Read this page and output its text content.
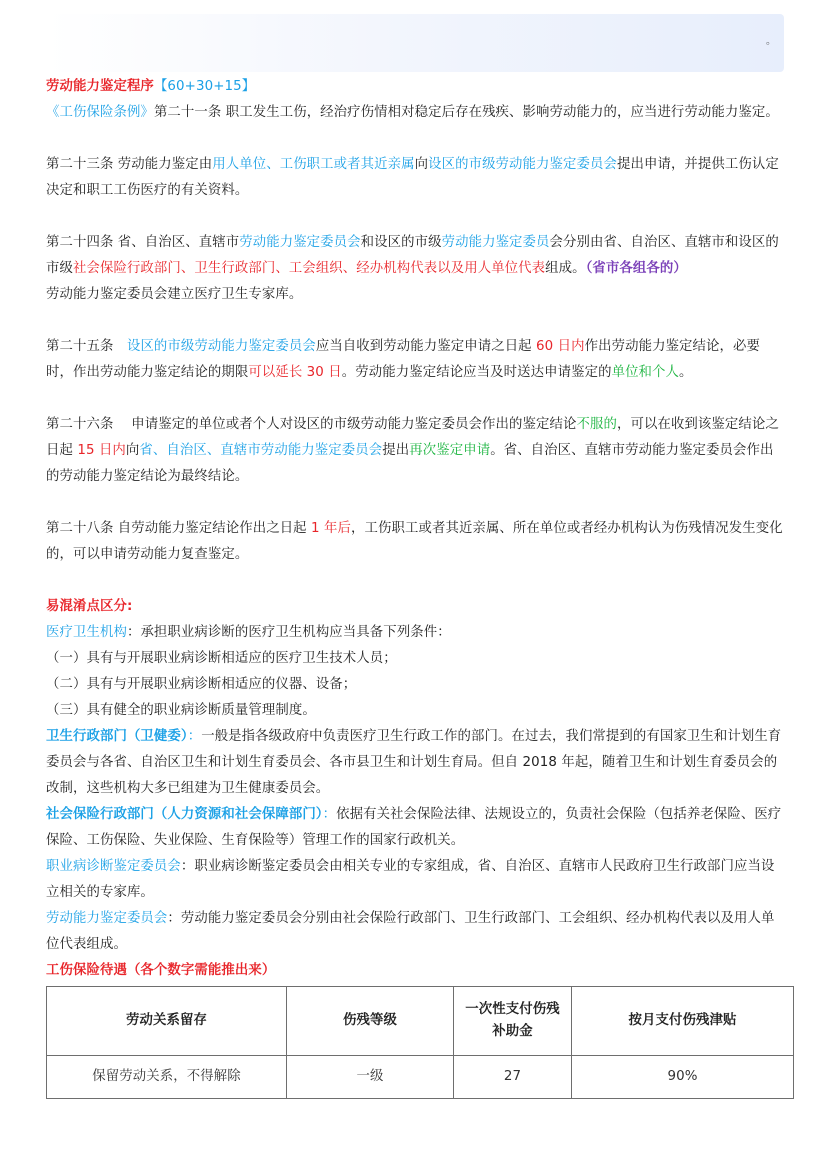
。

劳动能力鉴定程序【60+30+15】

《工伤保险条例》第二十一条 职工发生工伤，经治疗伤情相对稳定后存在残疾、影响劳动能力的，应当进行劳动能力鉴定。

第二十三条 劳动能力鉴定由用人单位、工伤职工或者其近亲属向设区的市级劳动能力鉴定委员会提出申请，并提供工伤认定决定和职工工伤医疗的有关资料。

第二十四条 省、自治区、直辖市劳动能力鉴定委员会和设区的市级劳动能力鉴定委员会分别由省、自治区、直辖市和设区的市级社会保险行政部门、卫生行政部门、工会组织、经办机构代表以及用人单位代表组成。（省市各组各的）

劳动能力鉴定委员会建立医疗卫生专家库。

第二十五条　设区的市级劳动能力鉴定委员会应当自收到劳动能力鉴定申请之日起 60 日内作出劳动能力鉴定结论，必要时，作出劳动能力鉴定结论的期限可以延长 30 日。劳动能力鉴定结论应当及时送达申请鉴定的单位和个人。

第二十六条　 申请鉴定的单位或者个人对设区的市级劳动能力鉴定委员会作出的鉴定结论不服的，可以在收到该鉴定结论之日起 15 日内向省、自治区、直辖市劳动能力鉴定委员会提出再次鉴定申请。省、自治区、直辖市劳动能力鉴定委员会作出的劳动能力鉴定结论为最终结论。

第二十八条 自劳动能力鉴定结论作出之日起 1 年后，工伤职工或者其近亲属、所在单位或者经办机构认为伤残情况发生变化的，可以申请劳动能力复查鉴定。

易混淆点区分:

医疗卫生机构：承担职业病诊断的医疗卫生机构应当具备下列条件：

（一）具有与开展职业病诊断相适应的医疗卫生技术人员；

（二）具有与开展职业病诊断相适应的仪器、设备；

（三）具有健全的职业病诊断质量管理制度。

卫生行政部门（卫健委）：一般是指各级政府中负责医疗卫生行政工作的部门。在过去，我们常提到的有国家卫生和计划生育委员会与各省、自治区卫生和计划生育委员会、各市县卫生和计划生育局。但自 2018 年起，随着卫生和计划生育委员会的改制，这些机构大多已组建为卫生健康委员会。

社会保险行政部门（人力资源和社会保障部门）：依据有关社会保险法律、法规设立的，负责社会保险（包括养老保险、医疗保险、工伤保险、失业保险、生育保险等）管理工作的国家行政机关。

职业病诊断鉴定委员会：职业病诊断鉴定委员会由相关专业的专家组成，省、自治区、直辖市人民政府卫生行政部门应当设立相关的专家库。

劳动能力鉴定委员会：劳动能力鉴定委员会分别由社会保险行政部门、卫生行政部门、工会组织、经办机构代表以及用人单位代表组成。

工伤保险待遇（各个数字需能推出来）

劳动关系留存	伤残等级	一次性支付伤残补助金	按月支付伤残津贴
保留劳动关系，不得解除	一级	27	90%
